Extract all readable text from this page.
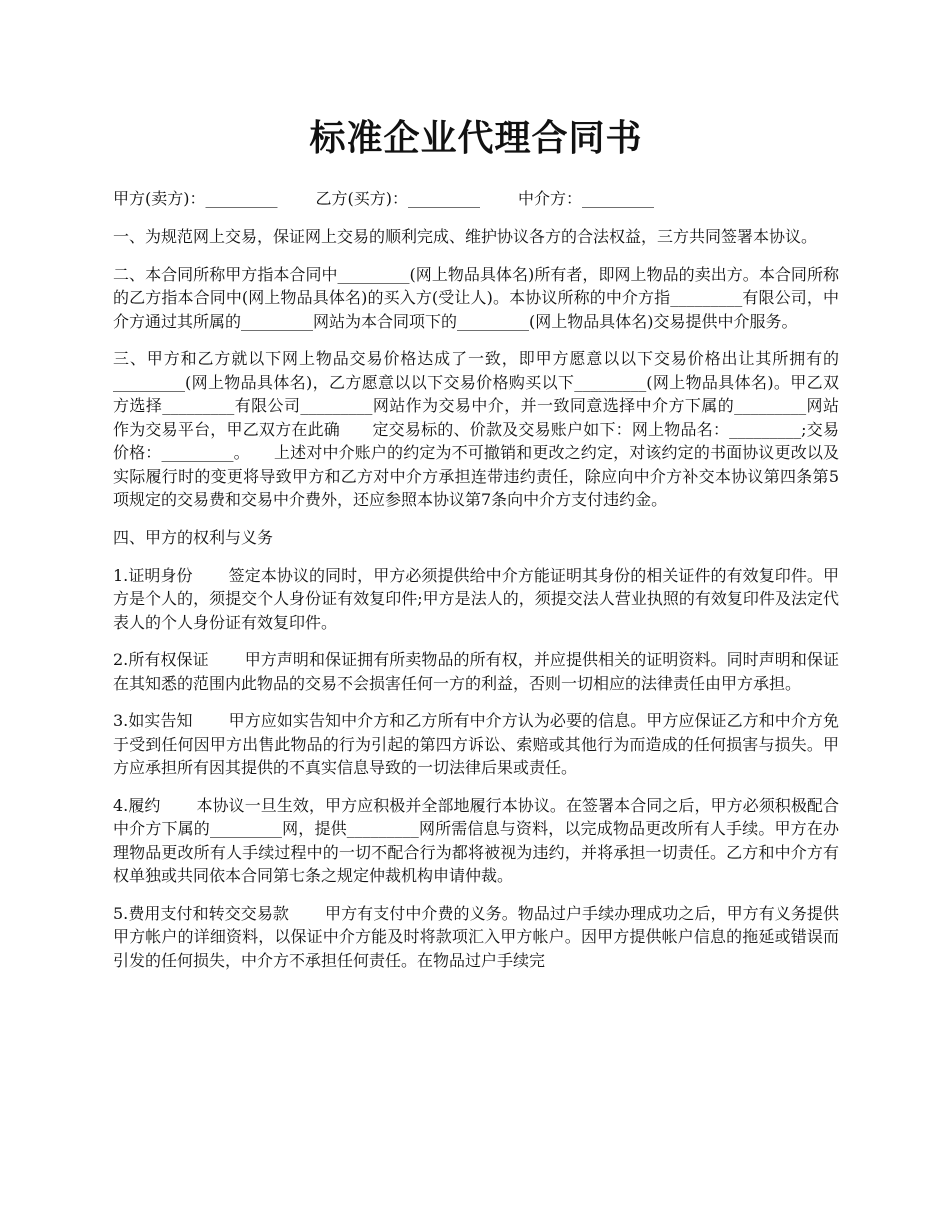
标准企业代理合同书
甲方(卖方)：_________ 乙方(买方)：_________ 中介方：_________

一、为规范网上交易，保证网上交易的顺利完成、维护协议各方的合法权益，三方共同签署本协议。

二、本合同所称甲方指本合同中_________(网上物品具体名)所有者，即网上物品的卖出方。本合同所称的乙方指本合同中(网上物品具体名)的买入方(受让人)。本协议所称的中介方指_________有限公司，中介方通过其所属的_________网站为本合同项下的_________(网上物品具体名)交易提供中介服务。

三、甲方和乙方就以下网上物品交易价格达成了一致，即甲方愿意以以下交易价格出让其所拥有的_________(网上物品具体名)，乙方愿意以以下交易价格购买以下_________(网上物品具体名)。甲乙双方选择_________有限公司_________网站作为交易中介，并一致同意选择中介方下属的_________网站作为交易平台，甲乙双方在此确　　定交易标的、价款及交易账户如下：网上物品名：_________;交易价格：_________。　　上述对中介账户的约定为不可撤销和更改之约定，对该约定的书面协议更改以及实际履行时的变更将导致甲方和乙方对中介方承担连带违约责任，除应向中介方补交本协议第四条第5项规定的交易费和交易中介费外，还应参照本协议第7条向中介方支付违约金。

四、甲方的权利与义务

1.证明身份 签定本协议的同时，甲方必须提供给中介方能证明其身份的相关证件的有效复印件。甲方是个人的，须提交个人身份证有效复印件;甲方是法人的，须提交法人营业执照的有效复印件及法定代表人的个人身份证有效复印件。

2.所有权保证 甲方声明和保证拥有所卖物品的所有权，并应提供相关的证明资料。同时声明和保证在其知悉的范围内此物品的交易不会损害任何一方的利益，否则一切相应的法律责任由甲方承担。

3.如实告知 甲方应如实告知中介方和乙方所有中介方认为必要的信息。甲方应保证乙方和中介方免于受到任何因甲方出售此物品的行为引起的第四方诉讼、索赔或其他行为而造成的任何损害与损失。甲方应承担所有因其提供的不真实信息导致的一切法律后果或责任。

4.履约 本协议一旦生效，甲方应积极并全部地履行本协议。在签署本合同之后，甲方必须积极配合中介方下属的_________网，提供_________网所需信息与资料，以完成物品更改所有人手续。甲方在办理物品更改所有人手续过程中的一切不配合行为都将被视为违约，并将承担一切责任。乙方和中介方有权单独或共同依本合同第七条之规定仲裁机构申请仲裁。

5.费用支付和转交交易款 甲方有支付中介费的义务。物品过户手续办理成功之后，甲方有义务提供甲方帐户的详细资料，以保证中介方能及时将款项汇入甲方帐户。因甲方提供帐户信息的拖延或错误而引发的任何损失，中介方不承担任何责任。在物品过户手续完
